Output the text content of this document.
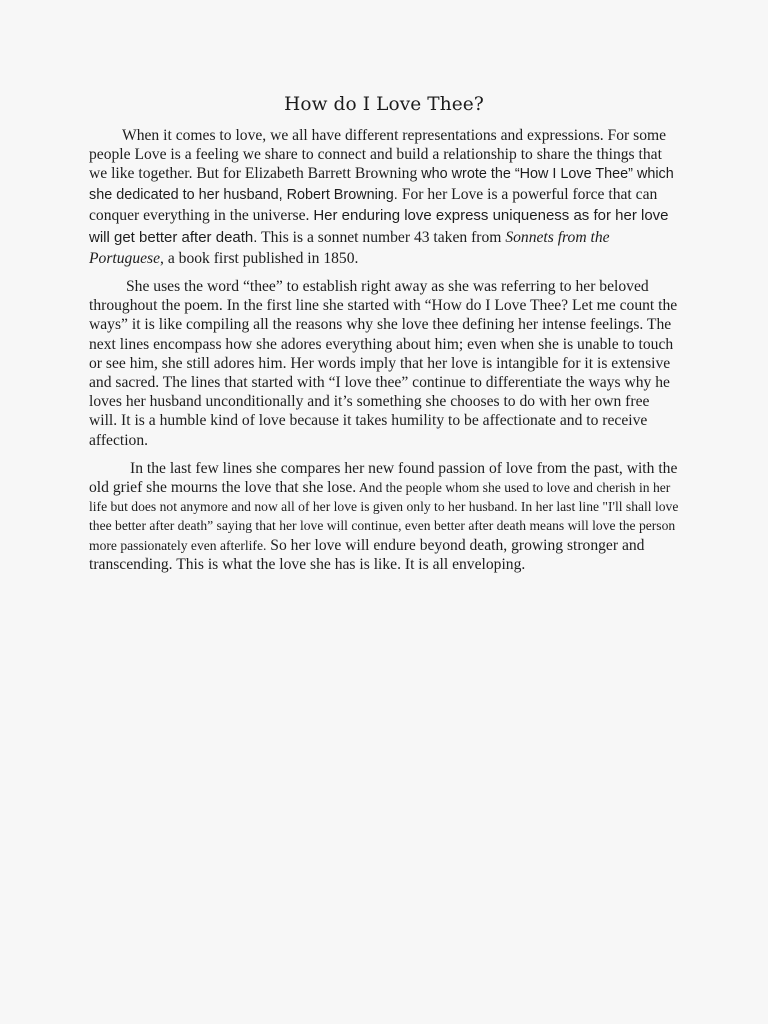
How do I Love Thee?

When it comes to love, we all have different representations and expressions. For some people Love is a feeling we share to connect and build a relationship to share the things that we like together. But for Elizabeth Barrett Browning who wrote the “How I Love Thee” which she dedicated to her husband, Robert Browning. For her Love is a powerful force that can conquer everything in the universe. Her enduring love express uniqueness as for her love will get better after death. This is a sonnet number 43 taken from Sonnets from the Portuguese, a book first published in 1850.

She uses the word “thee” to establish right away as she was referring to her beloved throughout the poem. In the first line she started with “How do I Love Thee? Let me count the ways” it is like compiling all the reasons why she love thee defining her intense feelings. The next lines encompass how she adores everything about him; even when she is unable to touch or see him, she still adores him. Her words imply that her love is intangible for it is extensive and sacred. The lines that started with “I love thee” continue to differentiate the ways why he loves her husband unconditionally and it’s something she chooses to do with her own free will. It is a humble kind of love because it takes humility to be affectionate and to receive affection.

In the last few lines she compares her new found passion of love from the past, with the old grief she mourns the love that she lose. And the people whom she used to love and cherish in her life but does not anymore and now all of her love is given only to her husband. In her last line "I'll shall love thee better after death” saying that her love will continue, even better after death means will love the person more passionately even afterlife. So her love will endure beyond death, growing stronger and transcending. This is what the love she has is like. It is all enveloping.
